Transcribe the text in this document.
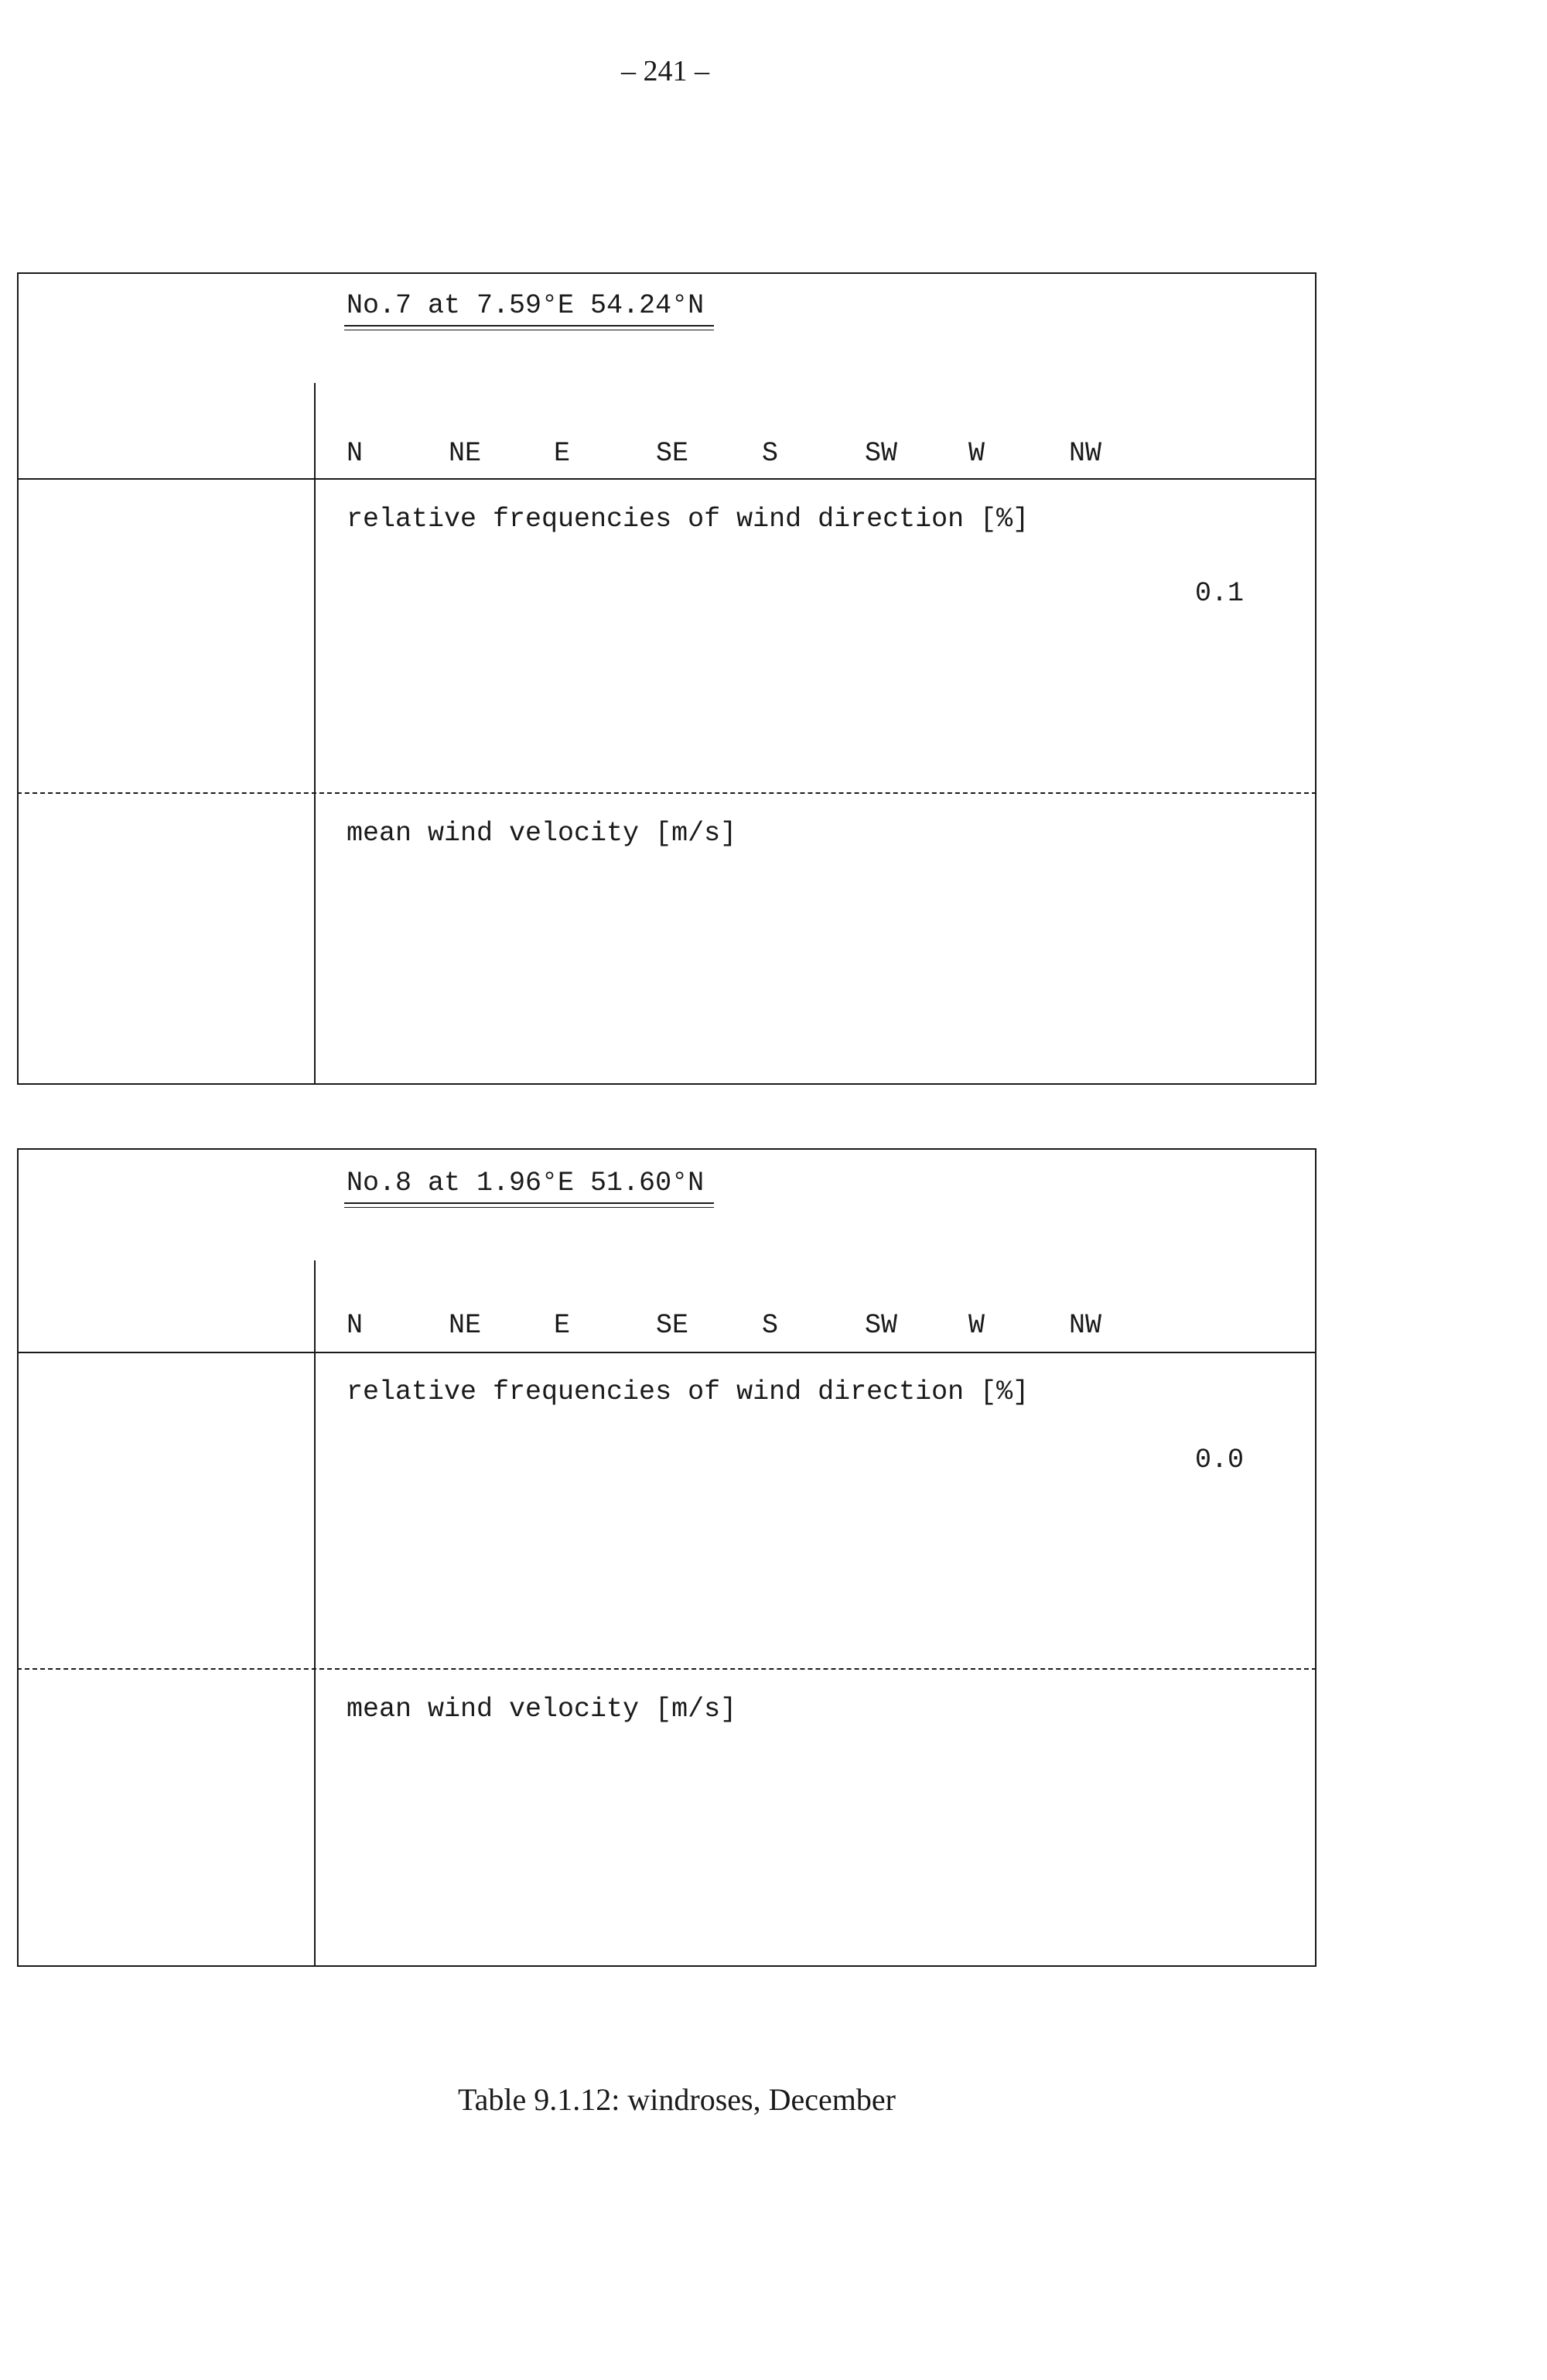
– 241 –
No.7 at 7.59°E 54.24°N
N	NE	E	SE	S	SW	W	NW
relative frequencies of wind direction [%]
0.1
mean wind velocity [m/s]
No.8 at 1.96°E 51.60°N
N	NE	E	SE	S	SW	W	NW
relative frequencies of wind direction [%]
0.0
mean wind velocity [m/s]
Table 9.1.12: windroses, December
